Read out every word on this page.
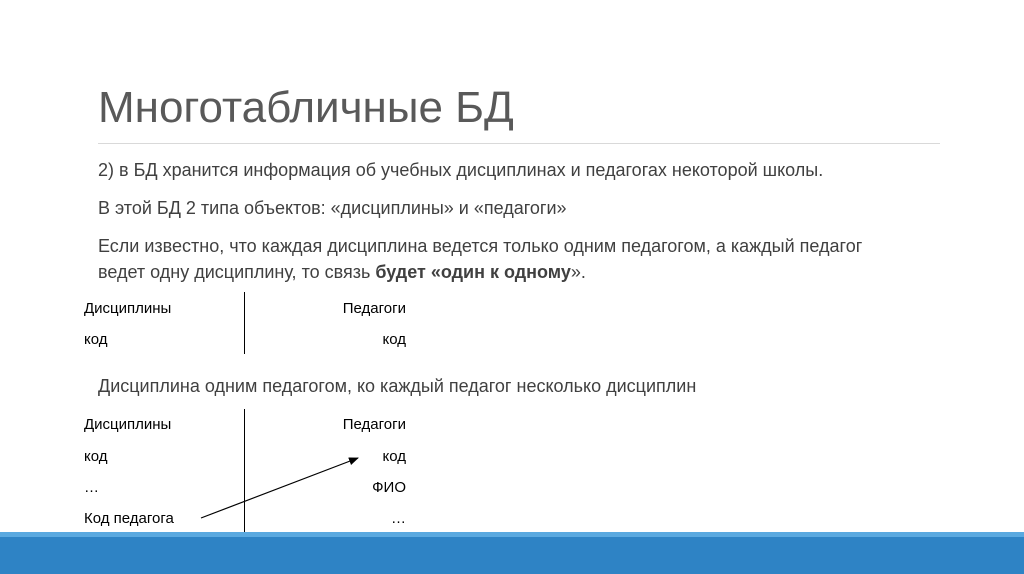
Многотабличные БД
2) в БД хранится информация об учебных дисциплинах и педагогах некоторой школы.
В этой БД 2 типа объектов: «дисциплины» и «педагоги»
Если известно, что каждая дисциплина ведется только одним педагогом, а каждый педагог
ведет одну дисциплину, то связь будет «один к одному».
Дисциплины
код
Педагоги
код
Дисциплина одним педагогом, ко каждый педагог несколько дисциплин
Дисциплины
код
…
Код педагога
Педагоги
код
ФИО
…
